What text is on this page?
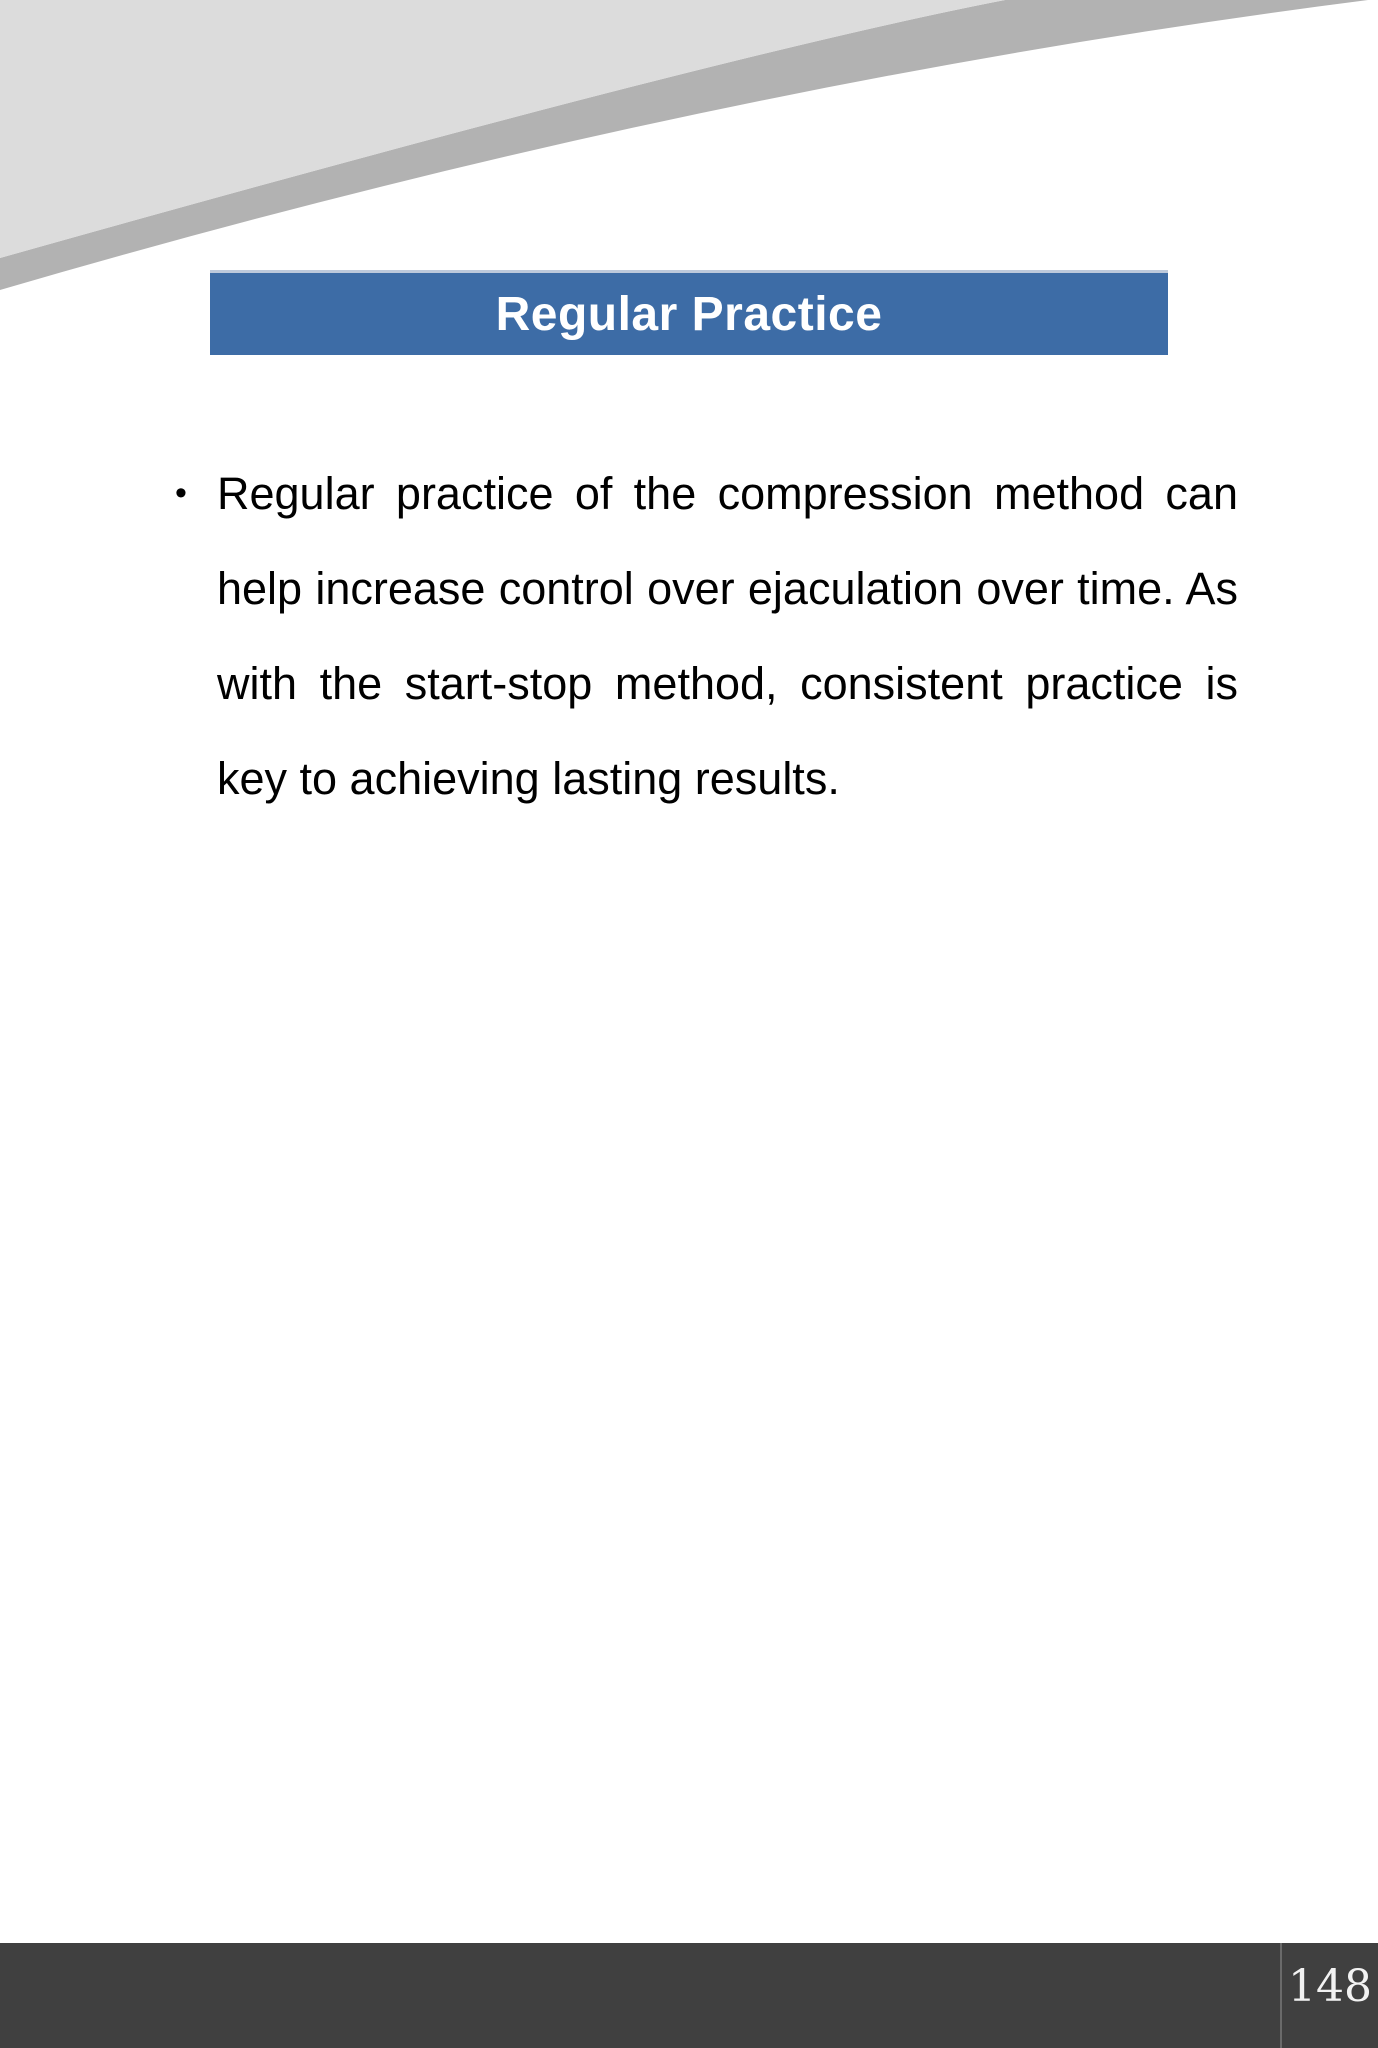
Regular Practice
• Regular practice of the compression method can help increase control over ejaculation over time. As with the start-stop method, consistent practice is key to achieving lasting results.

148
